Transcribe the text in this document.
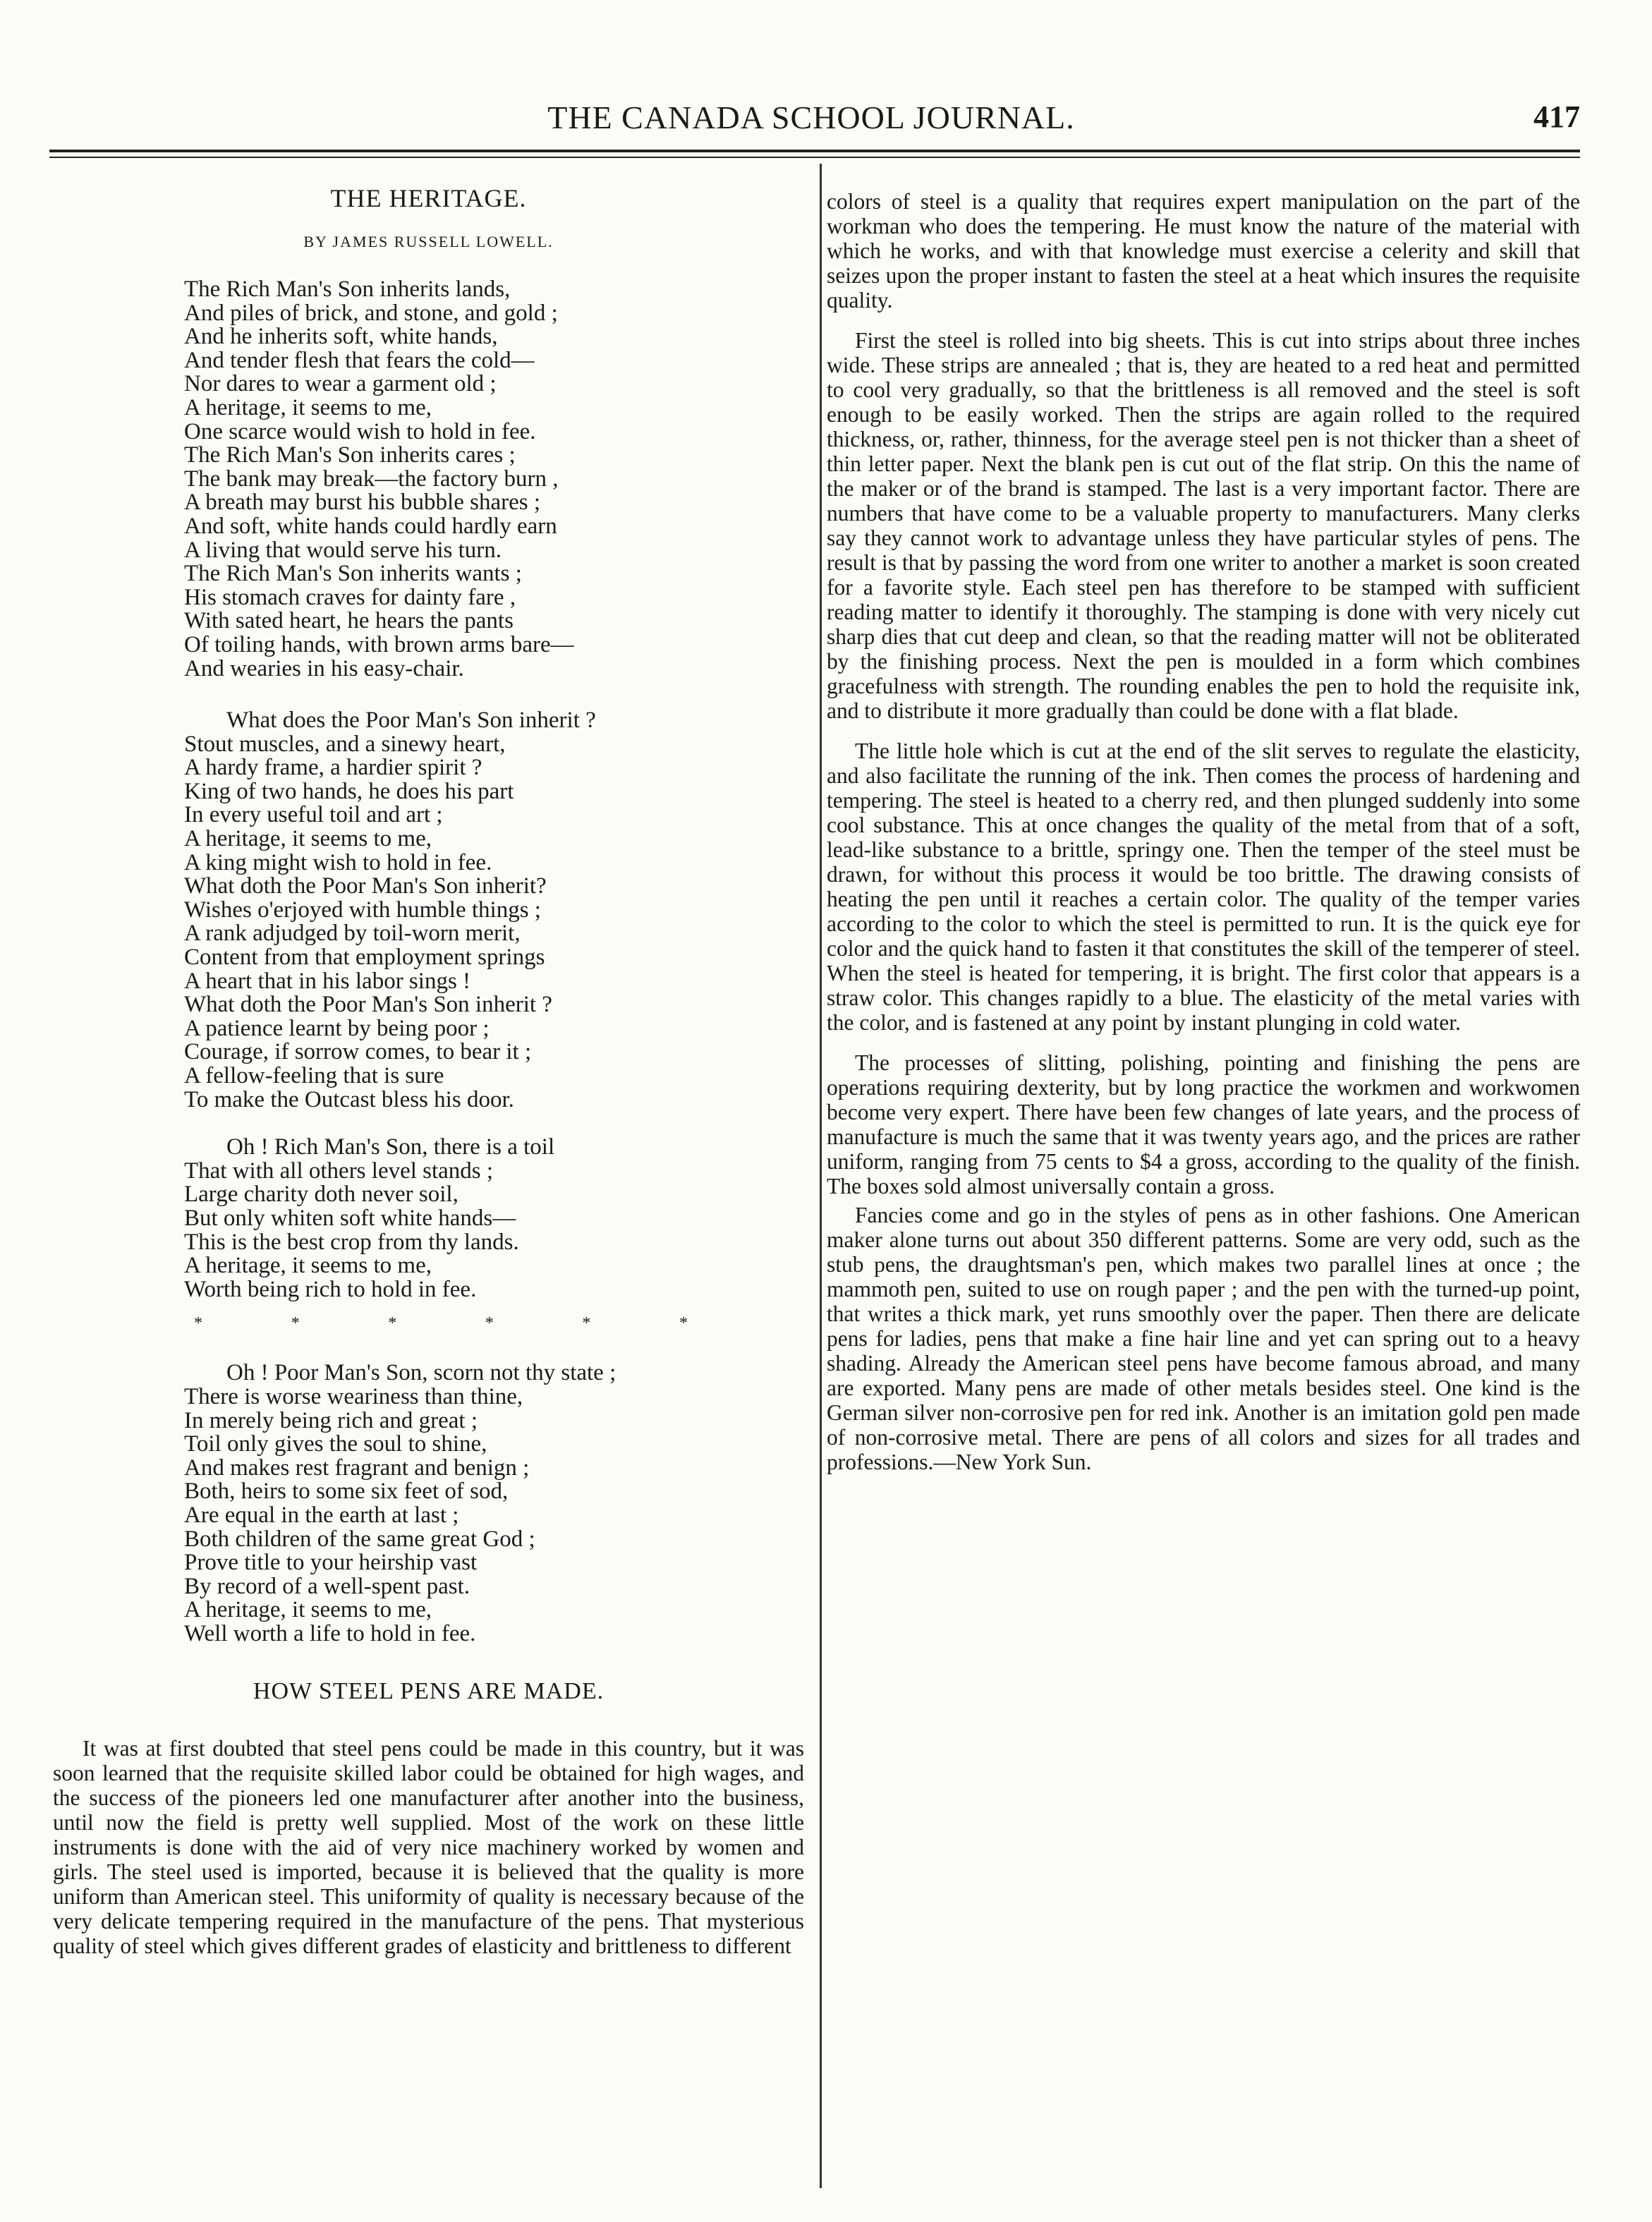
THE CANADA SCHOOL JOURNAL.	417
THE HERITAGE.
BY JAMES RUSSELL LOWELL.
The Rich Man's Son inherits lands,
And piles of brick, and stone, and gold ;
And he inherits soft, white hands,
And tender flesh that fears the cold—
Nor dares to wear a garment old ;
A heritage, it seems to me,
One scarce would wish to hold in fee.
The Rich Man's Son inherits cares ;
The bank may break—the factory burn ,
A breath may burst his bubble shares ;
And soft, white hands could hardly earn
A living that would serve his turn.
The Rich Man's Son inherits wants ;
His stomach craves for dainty fare ,
With sated heart, he hears the pants
Of toiling hands, with brown arms bare—
And wearies in his easy-chair.
What does the Poor Man's Son inherit ?
Stout muscles, and a sinewy heart,
A hardy frame, a hardier spirit ?
King of two hands, he does his part
In every useful toil and art ;
A heritage, it seems to me,
A king might wish to hold in fee.
What doth the Poor Man's Son inherit?
Wishes o'erjoyed with humble things ;
A rank adjudged by toil-worn merit,
Content from that employment springs
A heart that in his labor sings !
What doth the Poor Man's Son inherit ?
A patience learnt by being poor ;
Courage, if sorrow comes, to bear it ;
A fellow-feeling that is sure
To make the Outcast bless his door.
Oh ! Rich Man's Son, there is a toil
That with all others level stands ;
Large charity doth never soil,
But only whiten soft white hands—
This is the best crop from thy lands.
A heritage, it seems to me,
Worth being rich to hold in fee.
*	*	*	*	*	*
Oh ! Poor Man's Son, scorn not thy state ;
There is worse weariness than thine,
In merely being rich and great ;
Toil only gives the soul to shine,
And makes rest fragrant and benign ;
Both, heirs to some six feet of sod,
Are equal in the earth at last ;
Both children of the same great God ;
Prove title to your heirship vast
By record of a well-spent past.
A heritage, it seems to me,
Well worth a life to hold in fee.
HOW STEEL PENS ARE MADE.

It was at first doubted that steel pens could be made in this country, but it was soon learned that the requisite skilled labor could be obtained for high wages, and the success of the pioneers led one manufacturer after another into the business, until now the field is pretty well supplied. Most of the work on these little instruments is done with the aid of very nice machinery worked by women and girls. The steel used is imported, because it is believed that the quality is more uniform than American steel. This uniformity of quality is necessary because of the very delicate tempering required in the manufacture of the pens. That mysterious quality of steel which gives different grades of elasticity and brittleness to different

colors of steel is a quality that requires expert manipulation on the part of the workman who does the tempering. He must know the nature of the material with which he works, and with that knowledge must exercise a celerity and skill that seizes upon the proper instant to fasten the steel at a heat which insures the requisite quality.

First the steel is rolled into big sheets. This is cut into strips about three inches wide. These strips are annealed ; that is, they are heated to a red heat and permitted to cool very gradually, so that the brittleness is all removed and the steel is soft enough to be easily worked. Then the strips are again rolled to the required thickness, or, rather, thinness, for the average steel pen is not thicker than a sheet of thin letter paper. Next the blank pen is cut out of the flat strip. On this the name of the maker or of the brand is stamped. The last is a very important factor. There are numbers that have come to be a valuable property to manufacturers. Many clerks say they cannot work to advantage unless they have particular styles of pens. The result is that by passing the word from one writer to another a market is soon created for a favorite style. Each steel pen has therefore to be stamped with sufficient reading matter to identify it thoroughly. The stamping is done with very nicely cut sharp dies that cut deep and clean, so that the reading matter will not be obliterated by the finishing process. Next the pen is moulded in a form which combines gracefulness with strength. The rounding enables the pen to hold the requisite ink, and to distribute it more gradually than could be done with a flat blade.

The little hole which is cut at the end of the slit serves to regulate the elasticity, and also facilitate the running of the ink. Then comes the process of hardening and tempering. The steel is heated to a cherry red, and then plunged suddenly into some cool substance. This at once changes the quality of the metal from that of a soft, lead-like substance to a brittle, springy one. Then the temper of the steel must be drawn, for without this process it would be too brittle. The drawing consists of heating the pen until it reaches a certain color. The quality of the temper varies according to the color to which the steel is permitted to run. It is the quick eye for color and the quick hand to fasten it that constitutes the skill of the temperer of steel. When the steel is heated for tempering, it is bright. The first color that appears is a straw color. This changes rapidly to a blue. The elasticity of the metal varies with the color, and is fastened at any point by instant plunging in cold water.

The processes of slitting, polishing, pointing and finishing the pens are operations requiring dexterity, but by long practice the workmen and workwomen become very expert. There have been few changes of late years, and the process of manufacture is much the same that it was twenty years ago, and the prices are rather uniform, ranging from 75 cents to $4 a gross, according to the quality of the finish. The boxes sold almost universally contain a gross.

Fancies come and go in the styles of pens as in other fashions. One American maker alone turns out about 350 different patterns. Some are very odd, such as the stub pens, the draughtsman's pen, which makes two parallel lines at once ; the mammoth pen, suited to use on rough paper ; and the pen with the turned-up point, that writes a thick mark, yet runs smoothly over the paper. Then there are delicate pens for ladies, pens that make a fine hair line and yet can spring out to a heavy shading. Already the American steel pens have become famous abroad, and many are exported. Many pens are made of other metals besides steel. One kind is the German silver non-corrosive pen for red ink. Another is an imitation gold pen made of non-corrosive metal. There are pens of all colors and sizes for all trades and professions.—New York Sun.
